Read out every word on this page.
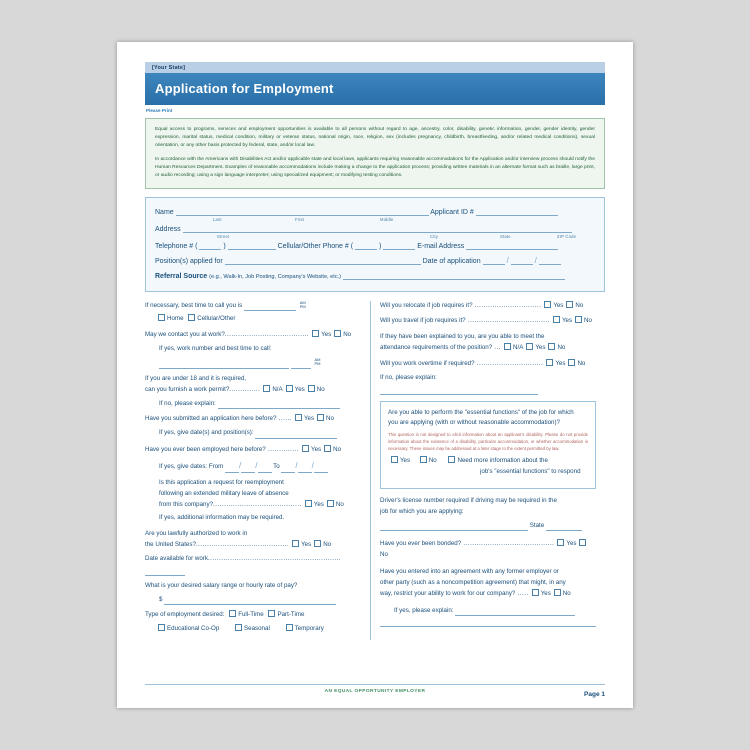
[Your State]
Application for Employment
Please Print

Equal access to programs, services and employment opportunities is available to all persons without regard to age, ancestry, color, disability, genetic information, gender, gender identity, gender expression, marital status, medical condition, military or veteran status, national origin, race, religion, sex (includes pregnancy, childbirth, breastfeeding, and/or related medical conditions), sexual orientation, or any other basis protected by federal, state, and/or local law.

In accordance with the Americans with Disabilities Act and/or applicable state and local laws, applicants requiring reasonable accommodations for the Application and/or interview process should notify the Human Resources Department. Examples of reasonable accommodations include making a change to the application process; providing written materials in an alternate format such as braille, large print, or audio recording; using a sign language interpreter; using specialized equipment; or modifying testing conditions.

Name	Applicant ID #
Last	First	Middle
Address
Street	City	State	ZIP Code
Telephone # (	)	Cellular/Other Phone # (	)	E-mail Address
Position(s) applied for	Date of application	/	/
Referral Source (e.g., Walk-In, Job Posting, Company's Website, etc.)
If necessary, best time to call you is	AM
PM
Home Cellular/Other
May we contact you at work?...................................... Yes No
If yes, work number and best time to call:
AM
PM
If you are under 18 and it is required,
can you furnish a work permit?.............. N/A Yes No
If no, please explain:
Have you submitted an application here before? ...... Yes No
If yes, give date(s) and position(s):
Have you ever been employed here before? .............. Yes No
If yes, give dates: From / /	To / /
Is this application a request for reemployment
following an extended military leave of absence
from this company?........................................ Yes No
If yes, additional information may be required.
Are you lawfully authorized to work in
the United States?.......................................... Yes No
Date available for work............................................................
What is your desired salary range or hourly rate of pay?
$
Type of employment desired: Full-Time Part-Time
Educational Co-Op	Seasonal	Temporary
Will you relocate if job requires it? .............................. Yes No
Will you travel if job requires it? ..................................... Yes No
If they have been explained to you, are you able to meet the
attendance requirements of the position? ... N/A Yes No
Will you work overtime if required? .............................. Yes No
If no, please explain:
Are you able to perform the "essential functions" of the job for which
you are applying (with or without reasonable accommodation)?
This question is not designed to elicit information about an applicant's disability. Please do not provide information about the existence of a disability, particular accommodation, or whether accommodation is necessary. These issues may be addressed at a later stage to the extent permitted by law.
Yes	No	Need more information about the
job's "essential functions" to respond
Driver's license number required if driving may be required in the
job for which you are applying:
State
Have you ever been bonded? ......................................... YesNo
Have you entered into an agreement with any former employer or
other party (such as a noncompetition agreement) that might, in any
way, restrict your ability to work for our company? ..... Yes No
If yes, please explain:
AN EQUAL OPPORTUNITY EMPLOYER	Page 1
